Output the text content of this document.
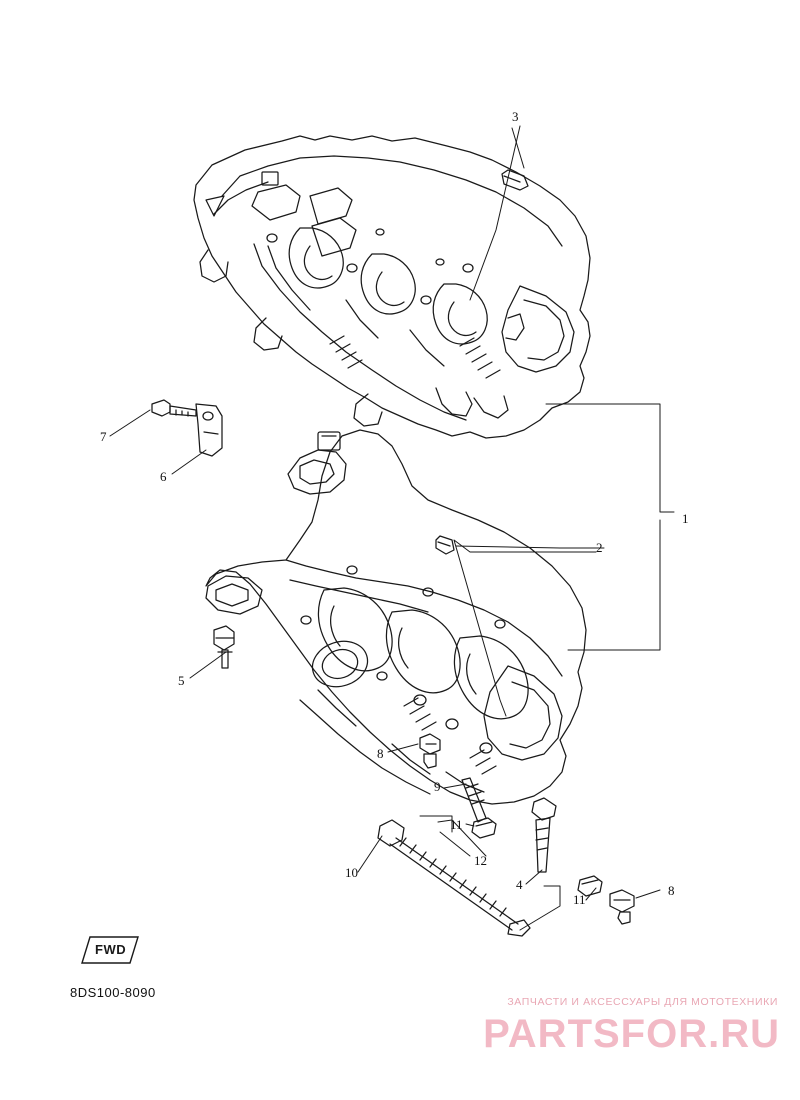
1
2
3
4
5
6
7
8
8
9
10
11
11
12
FWD
8DS100-8090
ЗАПЧАСТИ И АКСЕССУАРЫ ДЛЯ МОТОТЕХНИКИ
PARTSFOR.RU
